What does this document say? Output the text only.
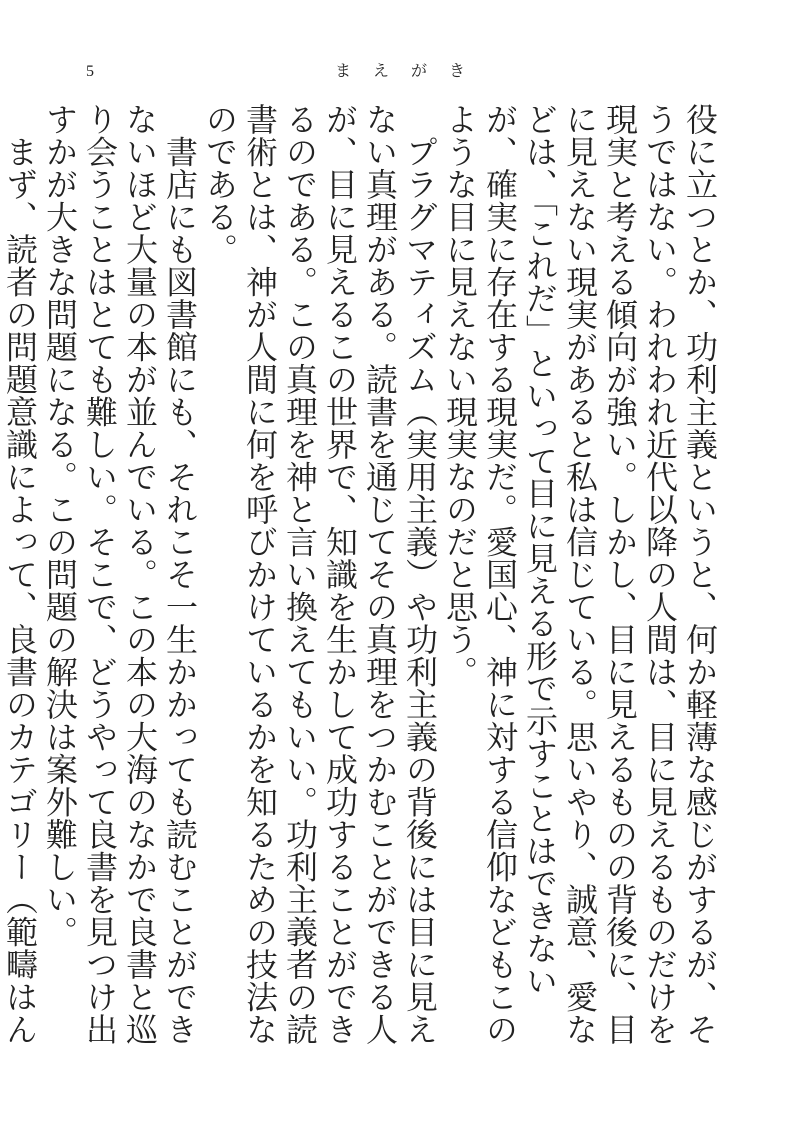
5	まえがき
役に立つとか、功利主義というと、何か軽薄な感じがするが、そうではない。われわれ近代以降の人間は、目に見えるものだけを現実と考える傾向が強い。しかし、目に見えるものの背後に、目に見えない現実があると私は信じている。思いやり、誠意、愛などは、「これだ」といって目に見える形で示すことはできないが、確実に存在する現実だ。愛国心、神に対する信仰などもこのような目に見えない現実なのだと思う。
　プラグマティズム（実用主義）や功利主義の背後には目に見えない真理がある。読書を通じてその真理をつかむことができる人が、目に見えるこの世界で、知識を生かして成功することができるのである。この真理を神と言い換えてもいい。功利主義者の読書術とは、神が人間に何を呼びかけているかを知るための技法なのである。
　書店にも図書館にも、それこそ一生かかっても読むことができないほど大量の本が並んでいる。この本の大海のなかで良書と巡り会うことはとても難しい。そこで、どうやって良書を見つけ出すかが大きな問題になる。この問題の解決は案外難しい。
　まず、読者の問題意識によって、良書のカテゴリー（範疇はん
